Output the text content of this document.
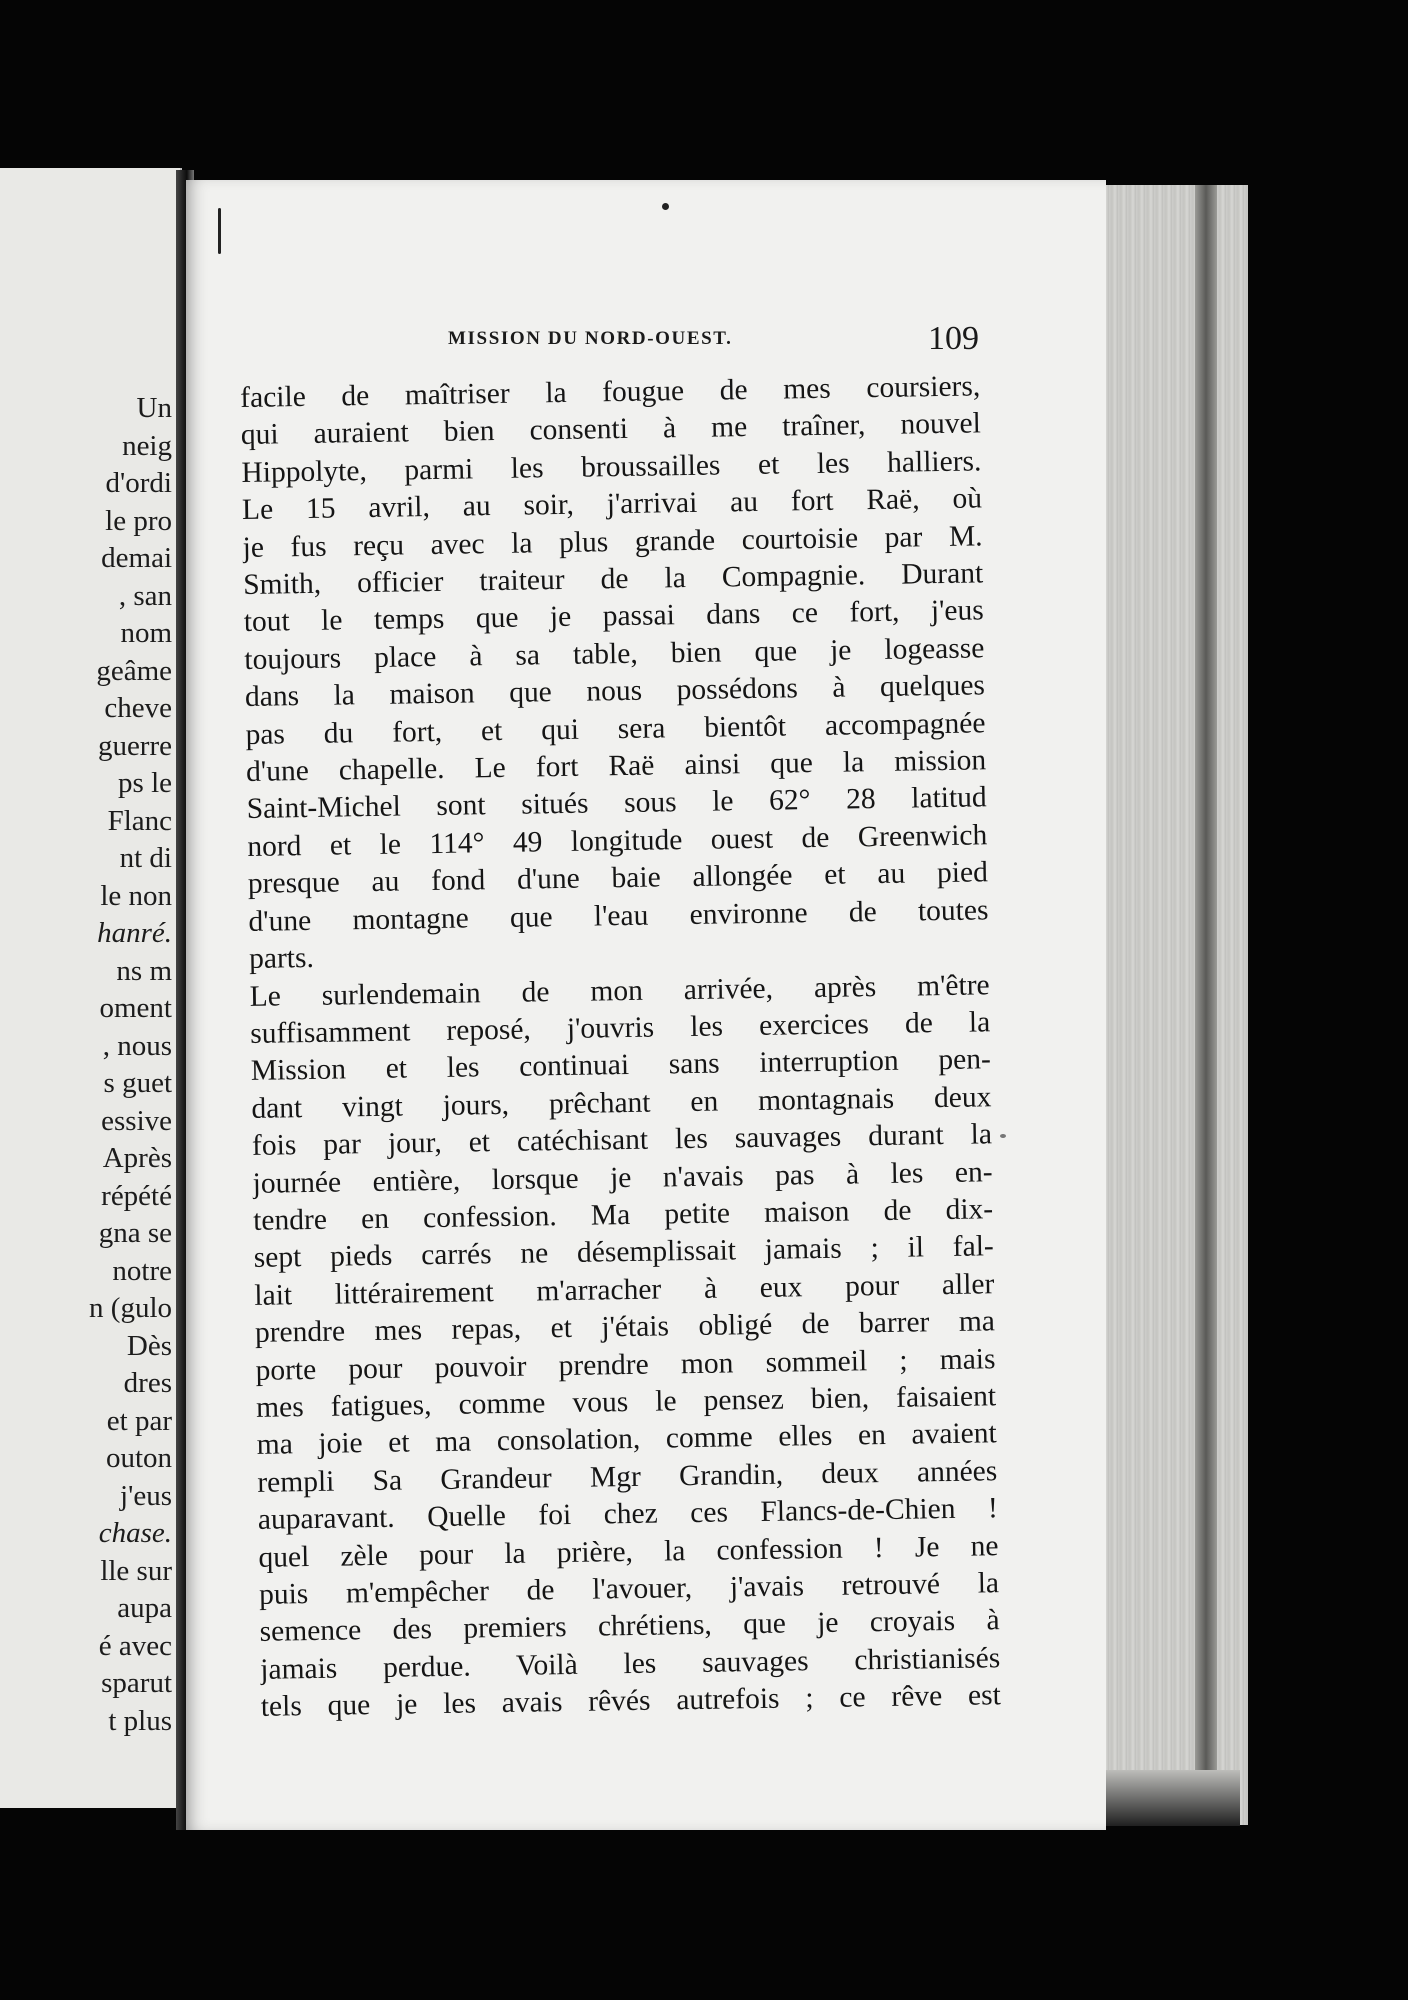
Un
neig
d'ordi
le pro
demai
, san
nom
geâme
cheve
guerre
ps le
Flanc
nt di
le non
hanré.
ns m
oment
, nous
s guet
essive
Après
répété
gna se
notre
n (gulo
Dès
dres
et par
outon
j'eus
chase.
lle sur
aupa
é avec
sparut
t plus
MISSION DU NORD-OUEST.	109
facile de maîtriser la fougue de mes coursiers,
qui auraient bien consenti à me traîner, nouvel
Hippolyte, parmi les broussailles et les halliers.
Le 15 avril, au soir, j'arrivai au fort Raë, où
je fus reçu avec la plus grande courtoisie par M.
Smith, officier traiteur de la Compagnie. Durant
tout le temps que je passai dans ce fort, j'eus
toujours place à sa table, bien que je logeasse
dans la maison que nous possédons à quelques
pas du fort, et qui sera bientôt accompagnée
d'une chapelle. Le fort Raë ainsi que la mission
Saint-Michel sont situés sous le 62° 28 latitud
nord et le 114° 49 longitude ouest de Greenwich
presque au fond d'une baie allongée et au pied
d'une montagne que l'eau environne de toutes
parts.
Le surlendemain de mon arrivée, après m'être
suffisamment reposé, j'ouvris les exercices de la
Mission et les continuai sans interruption pen-
dant vingt jours, prêchant en montagnais deux
fois par jour, et catéchisant les sauvages durant la
journée entière, lorsque je n'avais pas à les en-
tendre en confession. Ma petite maison de dix-
sept pieds carrés ne désemplissait jamais ; il fal-
lait littérairement m'arracher à eux pour aller
prendre mes repas, et j'étais obligé de barrer ma
porte pour pouvoir prendre mon sommeil ; mais
mes fatigues, comme vous le pensez bien, faisaient
ma joie et ma consolation, comme elles en avaient
rempli Sa Grandeur Mgr Grandin, deux années
auparavant. Quelle foi chez ces Flancs-de-Chien !
quel zèle pour la prière, la confession ! Je ne
puis m'empêcher de l'avouer, j'avais retrouvé la
semence des premiers chrétiens, que je croyais à
jamais perdue. Voilà les sauvages christianisés
tels que je les avais rêvés autrefois ; ce rêve est
